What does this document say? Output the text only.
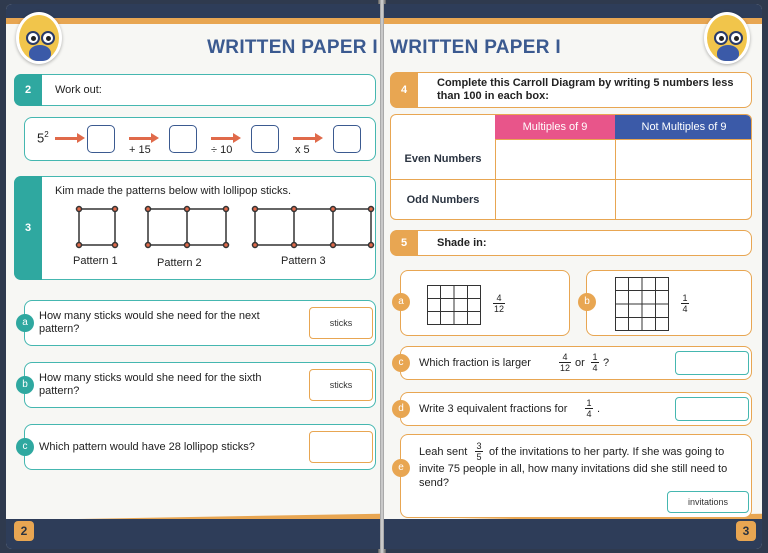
WRITTEN PAPER I
2	Work out:
$5^2$
+ 15	÷ 10	x 5
3
Kim made the patterns below with lollipop sticks.
Pattern 1	Pattern 2	Pattern 3
a
How many sticks would she need for the next pattern?	sticks
b
How many sticks would she need for the sixth pattern?	sticks
c	Which pattern would have 28 lollipop sticks?
2
WRITTEN PAPER I
4
Complete this Carroll Diagram by writing 5 numbers less than 100 in each box:
Multiples of 9	Not Multiples of 9
Even Numbers
Odd Numbers
5	Shade in:
a	4
12
b	1
4
c	Which fraction is larger	4
12 or 1
4 ?
d	Write 3 equivalent fractions for 1
4 .
e
Leah sent 3
5 of the invitations to her party. If she was going to
invite 75 people in all, how many invitations did she still need to
send?
invitations
3
